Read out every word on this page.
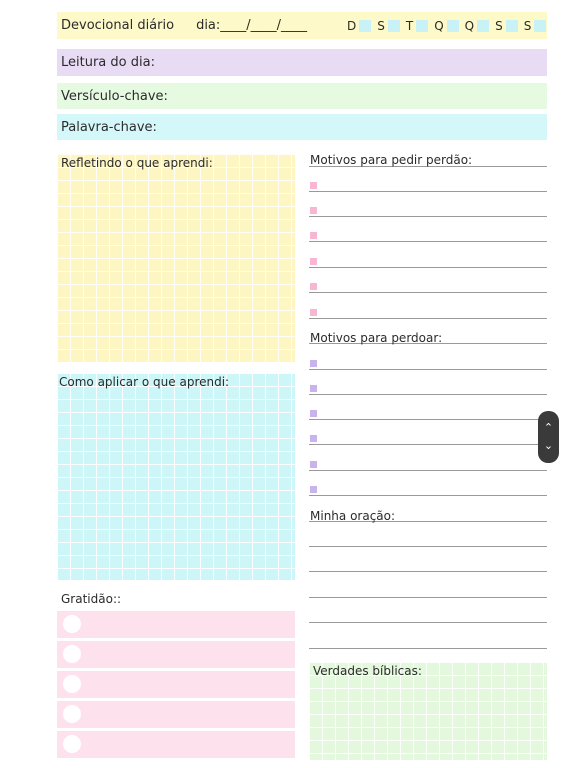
Devocional diário dia:____/____/____	D S T Q Q S S
Leitura do dia:
Versículo-chave:
Palavra-chave:
Refletindo o que aprendi:
Como aplicar o que aprendi:
Gratidão::
Motivos para pedir perdão:
Motivos para perdoar:
Minha oração:
Verdades bíblicas:
⌃
⌄
